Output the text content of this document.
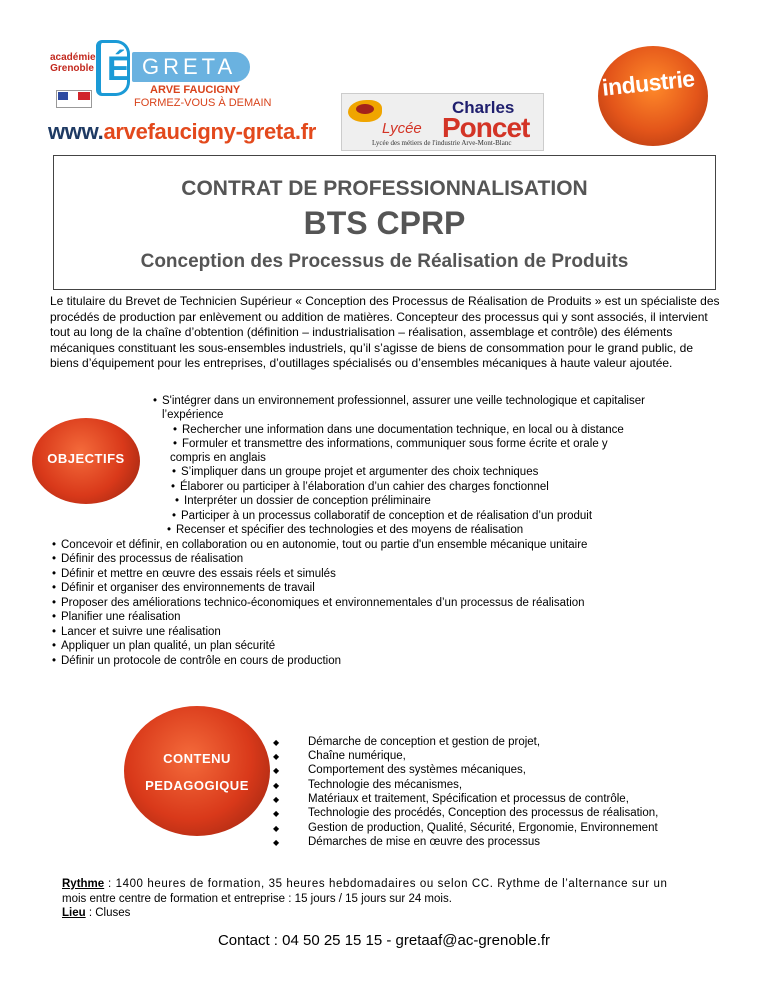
académie Grenoble É GRETA
ARVE FAUCIGNY
FORMEZ-VOUS À DEMAIN
www.arvefaucigny-greta.fr
Charles
Lycée Poncet
Lycée des métiers de l'industrie Arve-Mont-Blanc
industrie
CONTRAT DE PROFESSIONNALISATION
BTS CPRP
Conception des Processus de Réalisation de Produits
Le titulaire du Brevet de Technicien Supérieur « Conception des Processus de Réalisation de Produits » est un spécialiste des procédés de production par enlèvement ou addition de matières. Concepteur des processus qui y sont associés, il intervient tout au long de la chaîne d’obtention (définition – industrialisation – réalisation, assemblage et contrôle) des éléments mécaniques constituant les sous-ensembles industriels, qu’il s’agisse de biens de consommation pour le grand public, de biens d’équipement pour les entreprises, d’outillages spécialisés ou d’ensembles mécaniques à haute valeur ajoutée.
OBJECTIFS
• S'intégrer dans un environnement professionnel, assurer une veille technologique et capitaliser
l’expérience
• Rechercher une information dans une documentation technique, en local ou à distance
• Formuler et transmettre des informations, communiquer sous forme écrite et orale y
compris en anglais
• S’impliquer dans un groupe projet et argumenter des choix techniques
• Élaborer ou participer à l’élaboration d’un cahier des charges fonctionnel
• Interpréter un dossier de conception préliminaire
• Participer à un processus collaboratif de conception et de réalisation d’un produit
• Recenser et spécifier des technologies et des moyens de réalisation
• Concevoir et définir, en collaboration ou en autonomie, tout ou partie d'un ensemble mécanique unitaire
• Définir des processus de réalisation
• Définir et mettre en œuvre des essais réels et simulés
• Définir et organiser des environnements de travail
• Proposer des améliorations technico-économiques et environnementales d’un processus de réalisation
• Planifier une réalisation
• Lancer et suivre une réalisation
• Appliquer un plan qualité, un plan sécurité
• Définir un protocole de contrôle en cours de production
CONTENU
PEDAGOGIQUE
◆
◆
◆
◆
◆
◆
◆
◆
Démarche de conception et gestion de projet,
Chaîne numérique,
Comportement des systèmes mécaniques,
Technologie des mécanismes,
Matériaux et traitement, Spécification et processus de contrôle,
Technologie des procédés, Conception des processus de réalisation,
Gestion de production, Qualité, Sécurité, Ergonomie, Environnement
Démarches de mise en œuvre des processus
Rythme : 1400 heures de formation, 35 heures hebdomadaires ou selon CC. Rythme de l’alternance sur un
mois entre centre de formation et entreprise : 15 jours / 15 jours sur 24 mois.
Lieu : Cluses
Contact : 04 50 25 15 15 - gretaaf@ac-grenoble.fr
